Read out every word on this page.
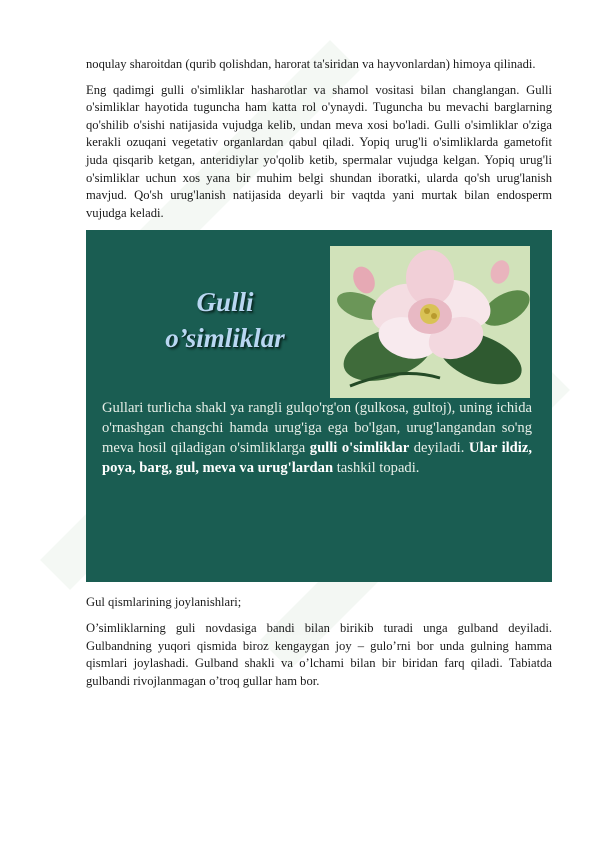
noqulay sharoitdan (qurib qolishdan, harorat ta'siridan va hayvonlardan) himoya qilinadi.

Eng qadimgi gulli o'simliklar hasharotlar va shamol vositasi bilan changlangan. Gulli o'simliklar hayotida tuguncha ham katta rol o'ynaydi. Tuguncha bu mevachi barglarning qo'shilib o'sishi natijasida vujudga kelib, undan meva xosi bo'ladi. Gulli o'simliklar o'ziga kerakli ozuqani vegetativ organlardan qabul qiladi. Yopiq urug'li o'simliklarda gametofit juda qisqarib ketgan, anteridiylar yo'qolib ketib, spermalar vujudga kelgan. Yopiq urug'li o'simliklar uchun xos yana bir muhim belgi shundan iboratki, ularda qo'sh urug'lanish mavjud. Qo'sh urug'lanish natijasida deyarli bir vaqtda yani murtak bilan endosperm vujudga keladi.

Gulli
o’simliklar
Gullari turlicha shakl ya rangli gulqo'rg'on (gulkosa, gultoj), uning ichida o'rnashgan changchi hamda urug'iga ega bo'lgan, urug'langandan so'ng meva hosil qiladigan o'simliklarga gulli o'simliklar deyiladi. Ular ildiz, poya, barg, gul, meva va urug'lardan tashkil topadi.

Gul qismlarining joylanishlari;

O’simliklarning guli novdasiga bandi bilan birikib turadi unga gulband deyiladi. Gulbandning yuqori qismida biroz kengaygan joy – gulo’rni bor unda gulning hamma qismlari joylashadi. Gulband shakli va o’lchami bilan bir biridan farq qiladi. Tabiatda gulbandi rivojlanmagan o’troq gullar ham bor.
